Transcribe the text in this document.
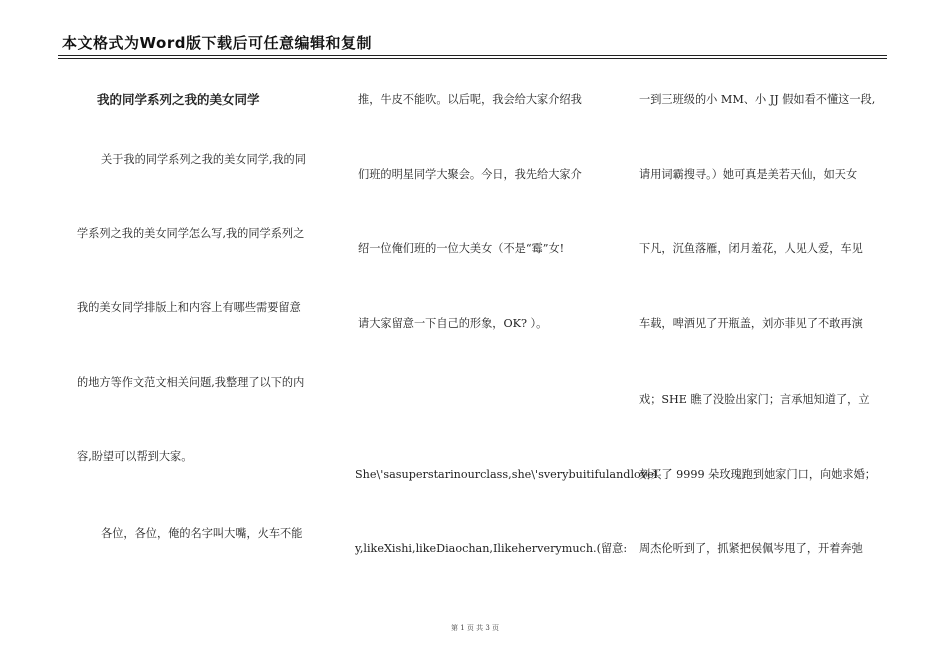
本文格式为Word版下载后可任意编辑和复制
我的同学系列之我的美女同学
关于我的同学系列之我的美女同学,我的同
学系列之我的美女同学怎么写,我的同学系列之
我的美女同学排版上和内容上有哪些需要留意
的地方等作文范文相关问题,我整理了以下的内
容,盼望可以帮到大家。
各位，各位，俺的名字叫大嘴，火车不能
推，牛皮不能吹。以后呢，我会给大家介绍我
们班的明星同学大聚会。今日，我先给大家介
绍一位俺们班的一位大美女（不是“霉”女!
请大家留意一下自己的形象，OK? ）。
She\'sasuperstarinourclass,she\'sverybuitifulandlovel
y,likeXishi,likeDiaochan,Ilikeherverymuch.(留意:
一到三班级的小 MM、小 JJ 假如看不懂这一段,
请用词霸搜寻。）她可真是美若天仙，如天女
下凡，沉鱼落雁，闭月羞花，人见人爱，车见
车载，啤酒见了开瓶盖，刘亦菲见了不敢再演
戏；SHE 瞧了没脸出家门；言承旭知道了，立
刻买了 9999 朵玫瑰跑到她家门口，向她求婚；
周杰伦听到了，抓紧把侯佩岑甩了，开着奔弛
第 1 页 共 3 页
